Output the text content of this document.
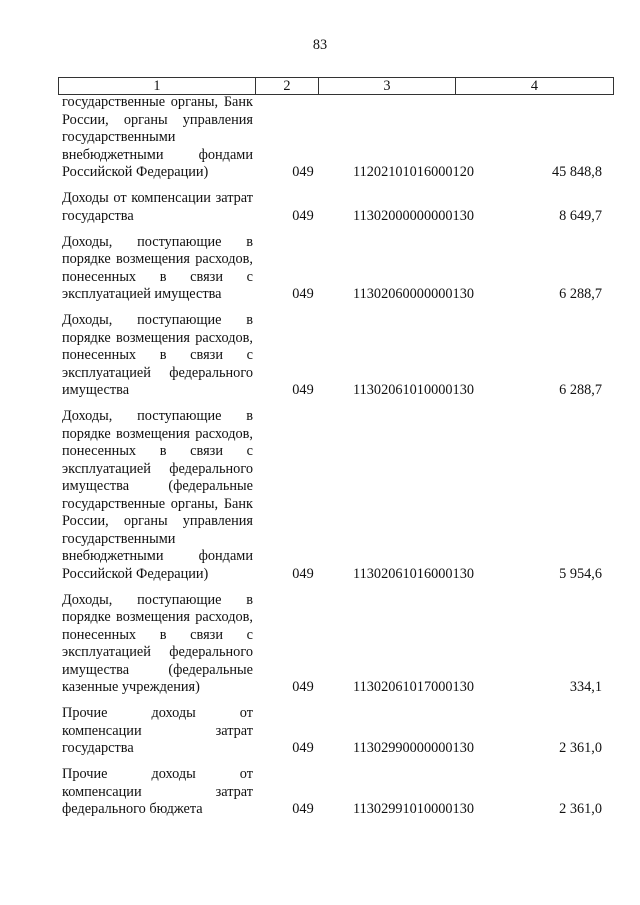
83
1	2	3	4
государственные органы, Банк
России, органы управления
государственными
внебюджетными фондами
Российской Федерации)	049	11202101016000120	45 848,8
Доходы от компенсации затрат
государства	049	11302000000000130	8 649,7
Доходы, поступающие в
порядке возмещения расходов,
понесенных в связи с
эксплуатацией имущества	049	11302060000000130	6 288,7
Доходы, поступающие в
порядке возмещения расходов,
понесенных в связи с
эксплуатацией федерального
имущества	049	11302061010000130	6 288,7
Доходы, поступающие в
порядке возмещения расходов,
понесенных в связи с
эксплуатацией федерального
имущества (федеральные
государственные органы, Банк
России, органы управления
государственными
внебюджетными фондами
Российской Федерации)	049	11302061016000130	5 954,6
Доходы, поступающие в
порядке возмещения расходов,
понесенных в связи с
эксплуатацией федерального
имущества (федеральные
казенные учреждения)	049	11302061017000130	334,1
Прочие доходы от
компенсации затрат
государства	049	11302990000000130	2 361,0
Прочие доходы от
компенсации затрат
федерального бюджета	049	11302991010000130	2 361,0
